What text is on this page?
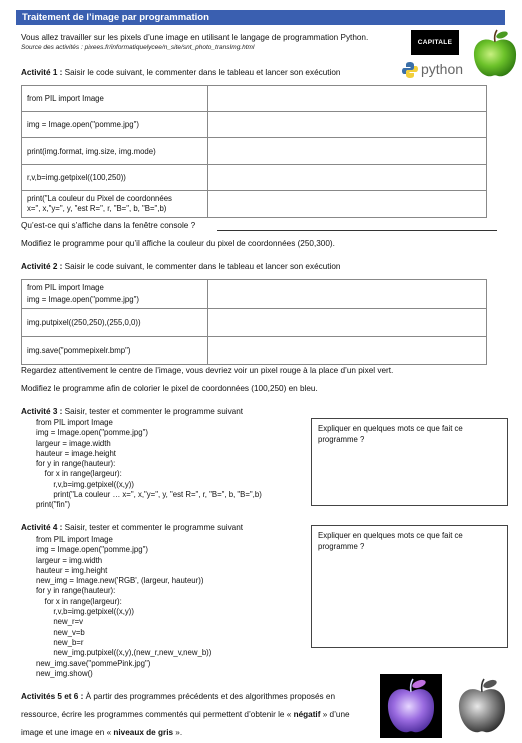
Traitement de l’image par programmation
Vous allez travailler sur les pixels d’une image en utilisant le langage de programmation Python.
Source des activités : pixees.fr/informatiquelycee/n_site/snt_photo_transImg.html
CAPITALE
python
Activité 1 : Saisir le code suivant, le commenter dans le tableau et lancer son exécution
from PIL import Image	
img = Image.open("pomme.jpg")	
print(img.format, img.size, img.mode)	
r,v,b=img.getpixel((100,250))	
print("La couleur du Pixel de coordonnées
x=", x,"y=", y, "est R=", r, "B=", b, "B=",b)	
Qu’est-ce qui s’affiche dans la fenêtre console ?
Modifiez le programme pour qu’il affiche la couleur du pixel de coordonnées (250,300).
Activité 2 : Saisir le code suivant, le commenter dans le tableau et lancer son exécution
from PIL import Image
img = Image.open("pomme.jpg")	
img.putpixel((250,250),(255,0,0))	
img.save("pommepixelr.bmp")	
Regardez attentivement le centre de l’image, vous devriez voir un pixel rouge à la place d’un pixel vert.
Modifiez le programme afin de colorier le pixel de coordonnées (100,250) en bleu.
Activité 3 : Saisir, tester et commenter le programme suivant
from PIL import Image
img = Image.open("pomme.jpg")
largeur = image.width
hauteur = image.height
for y in range(hauteur):
for x in range(largeur):
r,v,b=img.getpixel((x,y))
print("La couleur … x=", x,"y=", y, "est R=", r, "B=", b, "B=",b)
print("fin")
Expliquer en quelques mots ce que fait ce programme ?
Activité 4 : Saisir, tester et commenter le programme suivant
from PIL import Image
img = Image.open("pomme.jpg")
largeur = img.width
hauteur = img.height
new_img = Image.new('RGB', (largeur, hauteur))
for y in range(hauteur):
for x in range(largeur):
r,v,b=img.getpixel((x,y))
new_r=v
new_v=b
new_b=r
new_img.putpixel((x,y),(new_r,new_v,new_b))
new_img.save("pommePink.jpg")
new_img.show()
Expliquer en quelques mots ce que fait ce programme ?
Activités 5 et 6 : À partir des programmes précédents et des algorithmes proposés en ressource, écrire les programmes commentés qui permettent d’obtenir le « négatif » d’une image et une image en « niveaux de gris ».
